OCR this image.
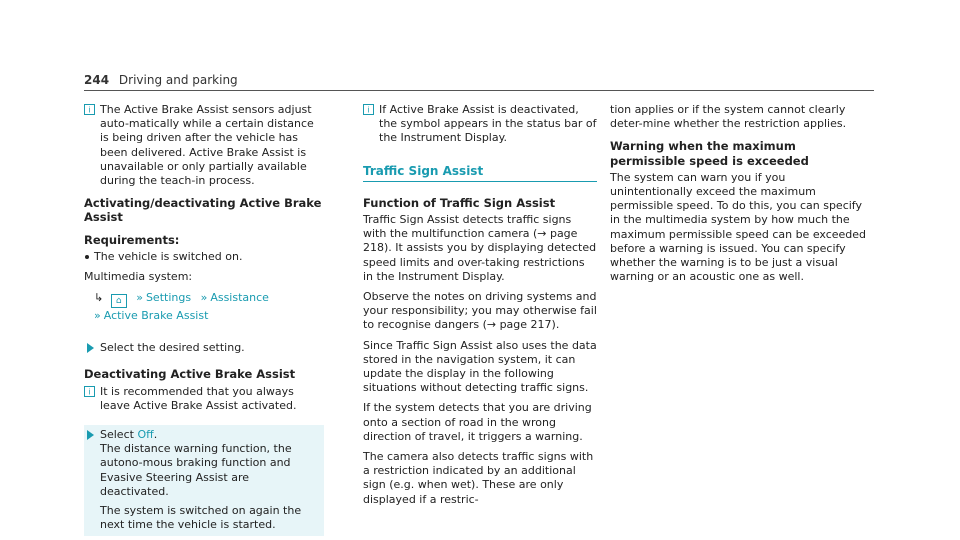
244 Driving and parking
i The Active Brake Assist sensors adjust auto-matically while a certain distance is being driven after the vehicle has been delivered. Active Brake Assist is unavailable or only partially available during the teach-in process.
Activating/deactivating Active Brake Assist
Requirements:
The vehicle is switched on.
Multimedia system:
↳ ⌂ » Settings » Assistance
» Active Brake Assist
Select the desired setting.
Deactivating Active Brake Assist
i It is recommended that you always leave Active Brake Assist activated.
Select Off.
The distance warning function, the autono-mous braking function and Evasive Steering Assist are deactivated.
The system is switched on again the next time the vehicle is started.
i If Active Brake Assist is deactivated, the symbol appears in the status bar of the Instrument Display.
Traffic Sign Assist
Function of Traffic Sign Assist
Traffic Sign Assist detects traffic signs with the multifunction camera (→ page 218). It assists you by displaying detected speed limits and over-taking restrictions in the Instrument Display.
Observe the notes on driving systems and your responsibility; you may otherwise fail to recognise dangers (→ page 217).
Since Traffic Sign Assist also uses the data stored in the navigation system, it can update the display in the following situations without detecting traffic signs.
If the system detects that you are driving onto a section of road in the wrong direction of travel, it triggers a warning.
The camera also detects traffic signs with a restriction indicated by an additional sign (e.g. when wet). These are only displayed if a restric-
tion applies or if the system cannot clearly deter-mine whether the restriction applies.
Warning when the maximum permissible speed is exceeded
The system can warn you if you unintentionally exceed the maximum permissible speed. To do this, you can specify in the multimedia system by how much the maximum permissible speed can be exceeded before a warning is issued. You can specify whether the warning is to be just a visual warning or an acoustic one as well.
